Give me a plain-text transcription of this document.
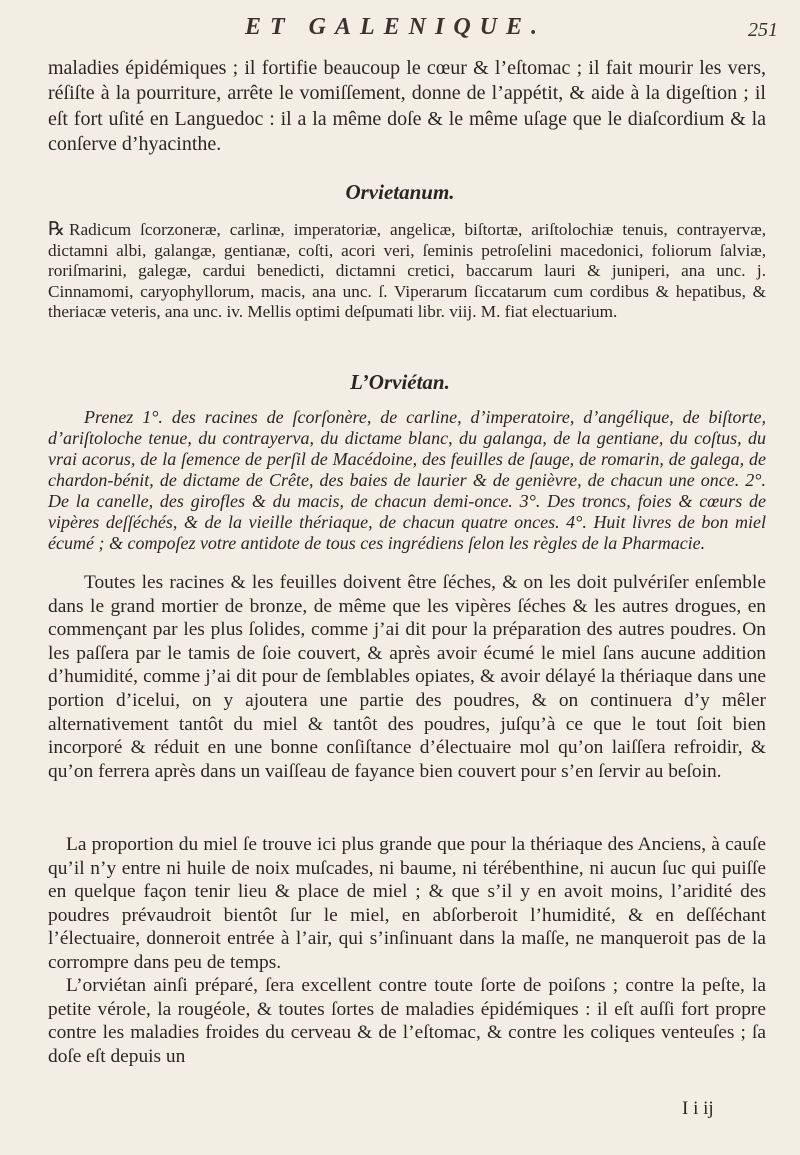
ET GALENIQUE.	251

maladies épidémiques ; il fortifie beaucoup le cœur & l’eſtomac ; il fait mourir les vers, réſiſte à la pourriture, arrête le vomiſſement, donne de l’appétit, & aide à la digeſtion ; il eſt fort uſité en Languedoc : il a la même doſe & le même uſage que le diaſcordium & la conſerve d’hyacinthe.

Orvietanum.

℞ Radicum ſcorzoneræ, carlinæ, imperatoriæ, angelicæ, biſtortæ, ariſtolochiæ tenuis, contrayervæ, dictamni albi, galangæ, gentianæ, coſti, acori veri, ſeminis petroſelini macedonici, foliorum ſalviæ, roriſmarini, galegæ, cardui benedicti, dictamni cretici, baccarum lauri & juniperi, ana unc. j. Cinnamomi, caryophyllorum, macis, ana unc. ſ. Viperarum ſiccatarum cum cordibus & hepatibus, & theriacæ veteris, ana unc. iv. Mellis optimi deſpumati libr. viij. M. fiat electuarium.

L’Orviétan.

Prenez 1°. des racines de ſcorſonère, de carline, d’imperatoire, d’angélique, de biſtorte, d’ariſtoloche tenue, du contrayerva, du dictame blanc, du galanga, de la gentiane, du coſtus, du vrai acorus, de la ſemence de perſil de Macédoine, des feuilles de ſauge, de romarin, de galega, de chardon-bénit, de dictame de Crête, des baies de laurier & de genièvre, de chacun une once. 2°. De la canelle, des girofles & du macis, de chacun demi-once. 3°. Des troncs, foies & cœurs de vipères deſſéchés, & de la vieille thériaque, de chacun quatre onces. 4°. Huit livres de bon miel écumé ; & compoſez votre antidote de tous ces ingrédiens ſelon les règles de la Pharmacie.

Toutes les racines & les feuilles doivent être ſéches, & on les doit pulvériſer enſemble dans le grand mortier de bronze, de même que les vipères ſéches & les autres drogues, en commençant par les plus ſolides, comme j’ai dit pour la préparation des autres poudres. On les paſſera par le tamis de ſoie couvert, & après avoir écumé le miel ſans aucune addition d’humidité, comme j’ai dit pour de ſemblables opiates, & avoir délayé la thériaque dans une portion d’icelui, on y ajoutera une partie des poudres, & on continuera d’y mêler alternativement tantôt du miel & tantôt des poudres, juſqu’à ce que le tout ſoit bien incorporé & réduit en une bonne conſiſtance d’électuaire mol qu’on laiſſera refroidir, & qu’on ferrera après dans un vaiſſeau de fayance bien couvert pour s’en ſervir au beſoin.

La proportion du miel ſe trouve ici plus grande que pour la thériaque des Anciens, à cauſe qu’il n’y entre ni huile de noix muſcades, ni baume, ni térébenthine, ni aucun ſuc qui puiſſe en quelque façon tenir lieu & place de miel ; & que s’il y en avoit moins, l’aridité des poudres prévaudroit bientôt ſur le miel, en abſorberoit l’humidité, & en deſſéchant l’électuaire, donneroit entrée à l’air, qui s’inſinuant dans la maſſe, ne manqueroit pas de la corrompre dans peu de temps.

L’orviétan ainſi préparé, ſera excellent contre toute ſorte de poiſons ; contre la peſte, la petite vérole, la rougéole, & toutes ſortes de maladies épidémiques : il eſt auſſi fort propre contre les maladies froides du cerveau & de l’eſtomac, & contre les coliques venteuſes ; ſa doſe eſt depuis un

I i ij
